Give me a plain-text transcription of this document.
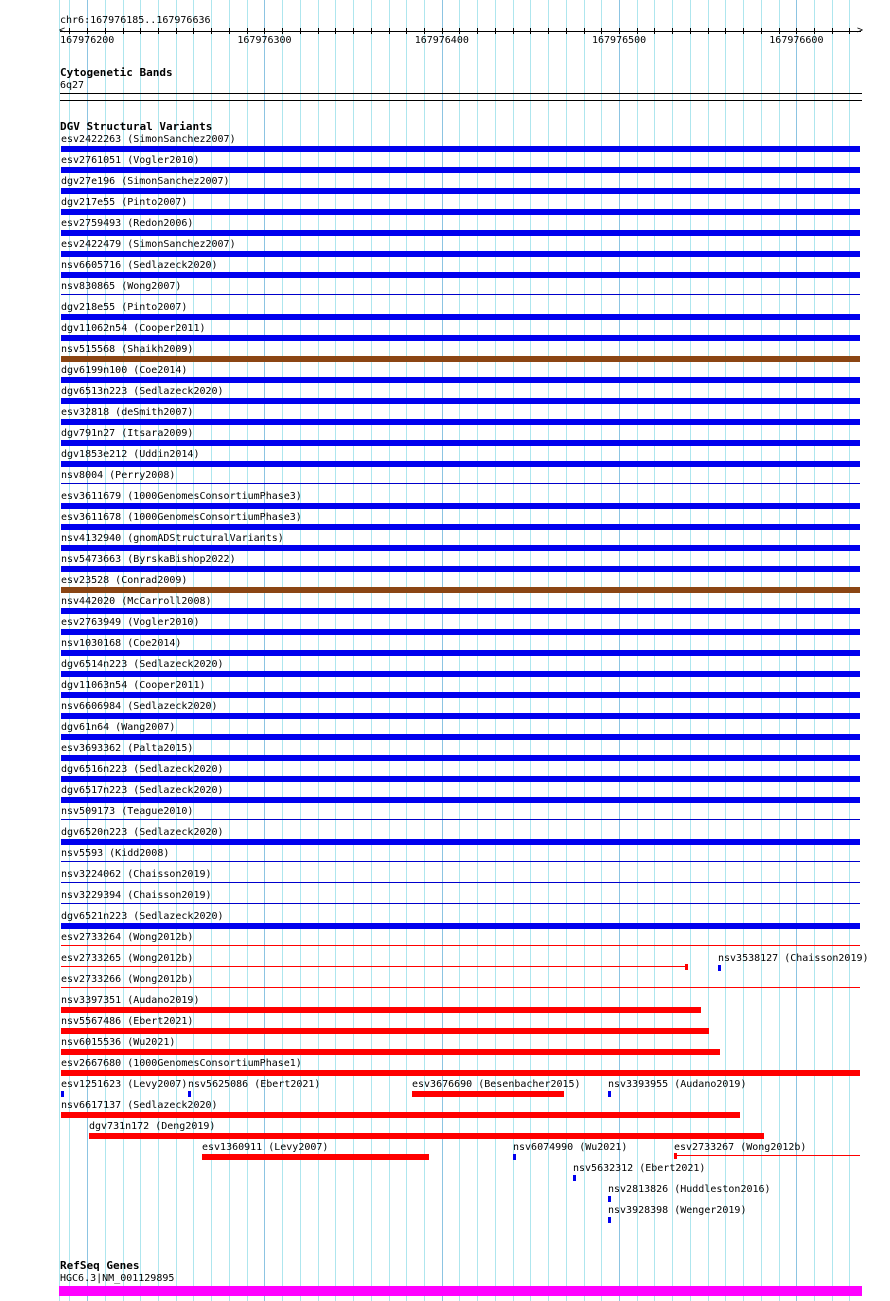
chr6:167976185..167976636
<	>
167976200	167976300	167976400	167976500	167976600
Cytogenetic Bands
6q27
DGV Structural Variants
esv2422263 (SimonSanchez2007)
esv2761051 (Vogler2010)
dgv27e196 (SimonSanchez2007)
dgv217e55 (Pinto2007)
esv2759493 (Redon2006)
esv2422479 (SimonSanchez2007)
nsv6605716 (Sedlazeck2020)
nsv830865 (Wong2007)
dgv218e55 (Pinto2007)
dgv11062n54 (Cooper2011)
nsv515568 (Shaikh2009)
dgv6199n100 (Coe2014)
dgv6513n223 (Sedlazeck2020)
esv32818 (deSmith2007)
dgv791n27 (Itsara2009)
dgv1853e212 (Uddin2014)
nsv8004 (Perry2008)
esv3611679 (1000GenomesConsortiumPhase3)
esv3611678 (1000GenomesConsortiumPhase3)
nsv4132940 (gnomADStructuralVariants)
nsv5473663 (ByrskaBishop2022)
esv23528 (Conrad2009)
nsv442020 (McCarroll2008)
esv2763949 (Vogler2010)
nsv1030168 (Coe2014)
dgv6514n223 (Sedlazeck2020)
dgv11063n54 (Cooper2011)
nsv6606984 (Sedlazeck2020)
dgv61n64 (Wang2007)
esv3693362 (Palta2015)
dgv6516n223 (Sedlazeck2020)
dgv6517n223 (Sedlazeck2020)
nsv509173 (Teague2010)
dgv6520n223 (Sedlazeck2020)
nsv5593 (Kidd2008)
nsv3224062 (Chaisson2019)
nsv3229394 (Chaisson2019)
dgv6521n223 (Sedlazeck2020)
esv2733264 (Wong2012b)
esv2733265 (Wong2012b)	nsv3538127 (Chaisson2019)
esv2733266 (Wong2012b)
nsv3397351 (Audano2019)
nsv5567486 (Ebert2021)
nsv6015536 (Wu2021)
esv2667680 (1000GenomesConsortiumPhase1)
esv1251623 (Levy2007) nsv5625086 (Ebert2021)	esv3676690 (Besenbacher2015)	nsv3393955 (Audano2019)
nsv6617137 (Sedlazeck2020)
dgv731n172 (Deng2019)
esv1360911 (Levy2007)	nsv6074990 (Wu2021)	esv2733267 (Wong2012b)
nsv5632312 (Ebert2021)
nsv2813826 (Huddleston2016)
nsv3928398 (Wenger2019)
RefSeq Genes
HGC6.3|NM_001129895
